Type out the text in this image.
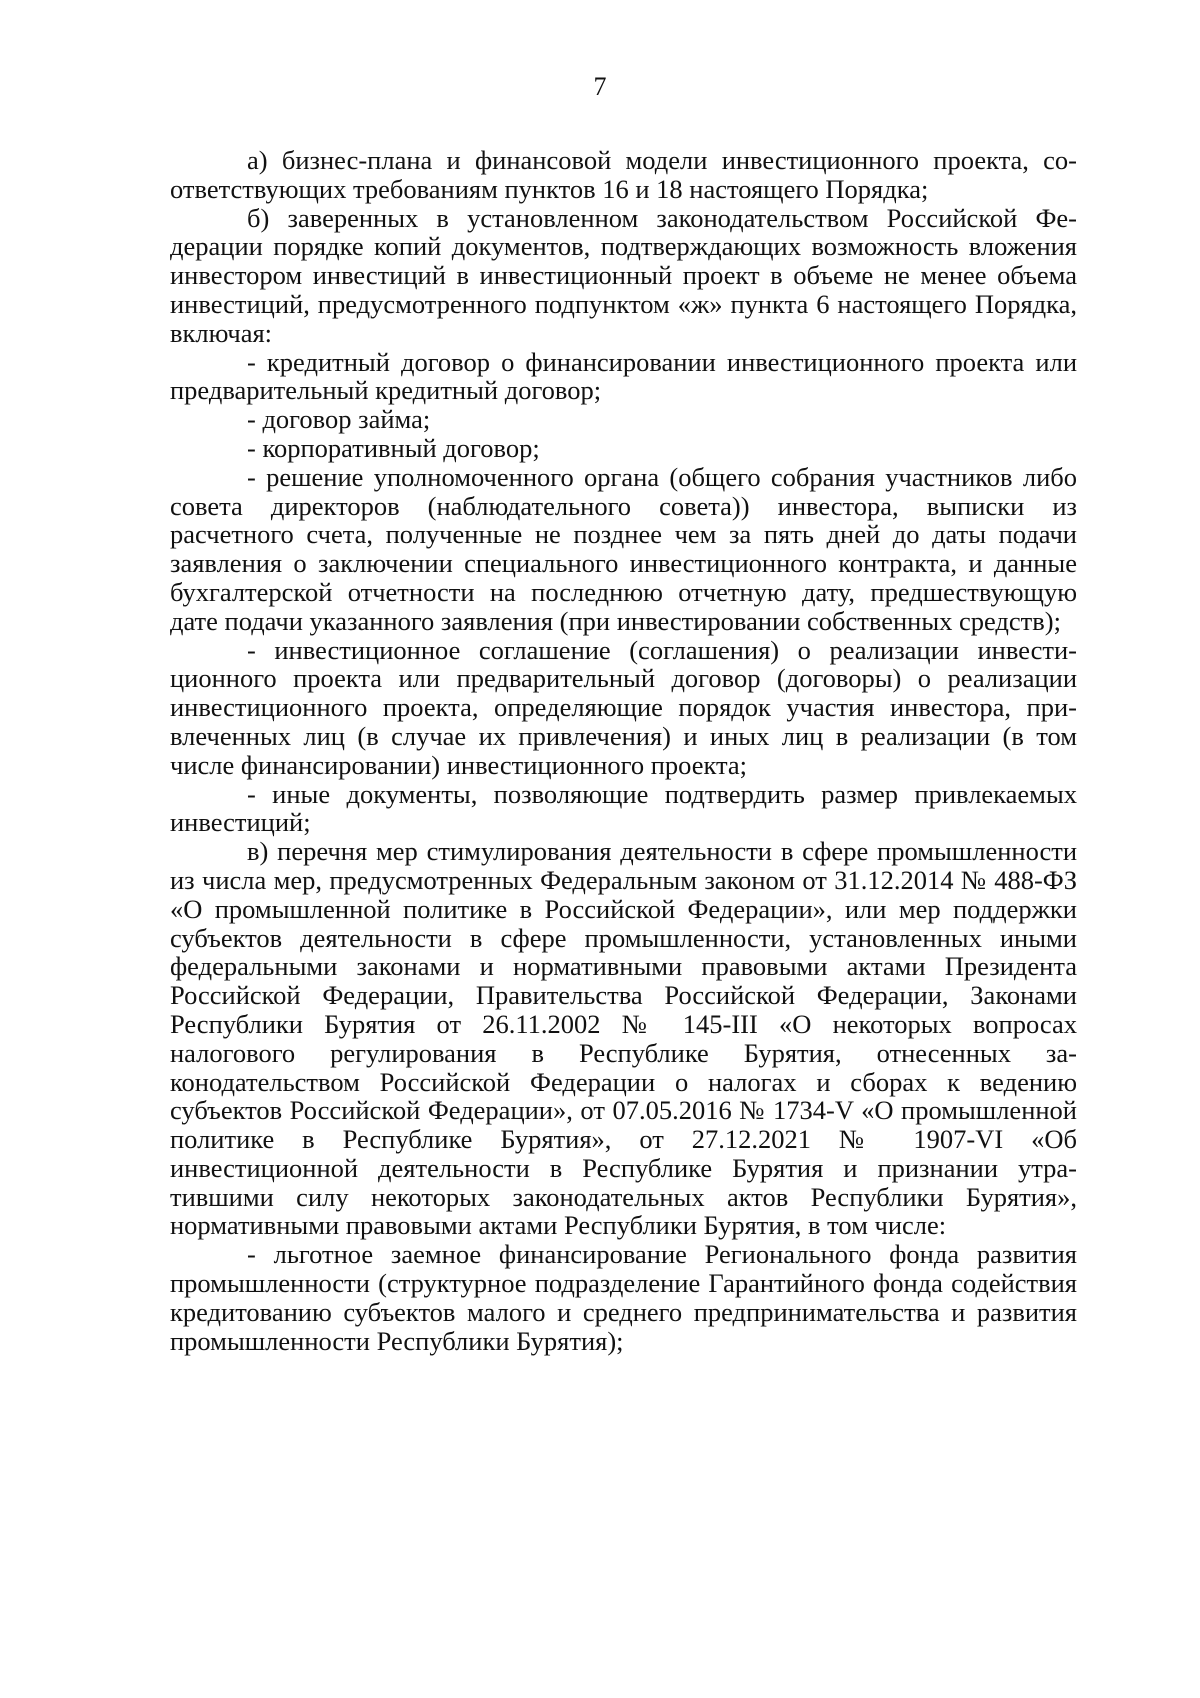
7

а) бизнес-плана и финансовой модели инвестиционного проекта, соответствующих требованиям пунктов 16 и 18 настоящего Порядка;

б) заверенных в установленном законодательством Российской Федерации порядке копий документов, подтверждающих возможность вложения инвестором инвестиций в инвестиционный проект в объеме не менее объема инвестиций, предусмотренного подпунктом «ж» пункта 6 настоящего Порядка, включая:

- кредитный договор о финансировании инвестиционного проекта или предварительный кредитный договор;

- договор займа;

- корпоративный договор;

- решение уполномоченного органа (общего собрания участников либо совета директоров (наблюдательного совета)) инвестора, выписки из расчетного счета, полученные не позднее чем за пять дней до даты подачи заявления о заключении специального инвестиционного контракта, и данные бухгалтерской отчетности на последнюю отчетную дату, предшествующую дате подачи указанного заявления (при инвестировании собственных средств);

- инвестиционное соглашение (соглашения) о реализации инвестиционного проекта или предварительный договор (договоры) о реализации инвестиционного проекта, определяющие порядок участия инвестора, привлеченных лиц (в случае их привлечения) и иных лиц в реализации (в том числе финансировании) инвестиционного проекта;

- иные документы, позволяющие подтвердить размер привлекаемых инвестиций;

в) перечня мер стимулирования деятельности в сфере промышленности из числа мер, предусмотренных Федеральным законом от 31.12.2014 № 488-ФЗ «О промышленной политике в Российской Федерации», или мер поддержки субъектов деятельности в сфере промышленности, установленных иными федеральными законами и нормативными правовыми актами Президента Российской Федерации, Правительства Российской Федерации, Законами Республики Бурятия от 26.11.2002 № 145-III «О некоторых вопросах налогового регулирования в Республике Бурятия, отнесенных законодательством Российской Федерации о налогах и сборах к ведению субъектов Российской Федерации», от 07.05.2016 № 1734-V «О промышленной политике в Республике Бурятия», от 27.12.2021 № 1907-VI «Об инвестиционной деятельности в Республике Бурятия и признании утратившими силу некоторых законодательных актов Республики Бурятия», нормативными правовыми актами Республики Бурятия, в том числе:

- льготное заемное финансирование Регионального фонда развития промышленности (структурное подразделение Гарантийного фонда содействия кредитованию субъектов малого и среднего предпринимательства и развития промышленности Республики Бурятия);
